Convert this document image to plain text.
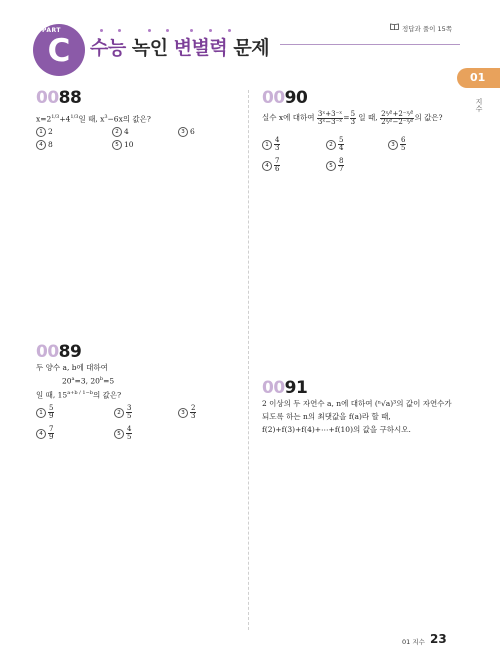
PART
C	수능 녹인 변별력 문제
정답과 풀이 15쪽
01
지수
0088
$x=2^{1/3}+4^{1/3}$일 때, $x^3-6x$의 값은?
1 2	2 4	3 6
4 8	5 10
0089
두 양수 a, b에 대하여
$20^a=3$, $20^b=5$
일 때, $15^{a+b / 1-b}$의 값은?
$1 \frac{5}{9}$	$2 \frac{3}{5}$	$3 \frac{2}{3}$
$4 \frac{7}{9}$	$5 \frac{4}{5}$
0090
실수 x에 대하여 $\frac{\text{3ˣ+3⁻ˣ}}{\text{3ˣ−3⁻ˣ}} = \frac{5}{3}$ 일 때, $\frac{\text{2ˣ⁄²+2⁻ˣ⁄²}}{\text{2ˣ⁄²−2⁻ˣ⁄²}}$ 의 값은?
$1 \frac{4}{3}$	$2 \frac{5}{4}$	$3 \frac{6}{5}$
$4 \frac{7}{6}$	$5 \frac{8}{7}$
0091
2 이상의 두 자연수 a, n에 대하여 (ⁿ√a)³의 값이 자연수가
되도록 하는 n의 최댓값을 f(a)라 할 때,
f(2)+f(3)+f(4)+⋯+f(10)의 값을 구하시오.
01 지수 23
